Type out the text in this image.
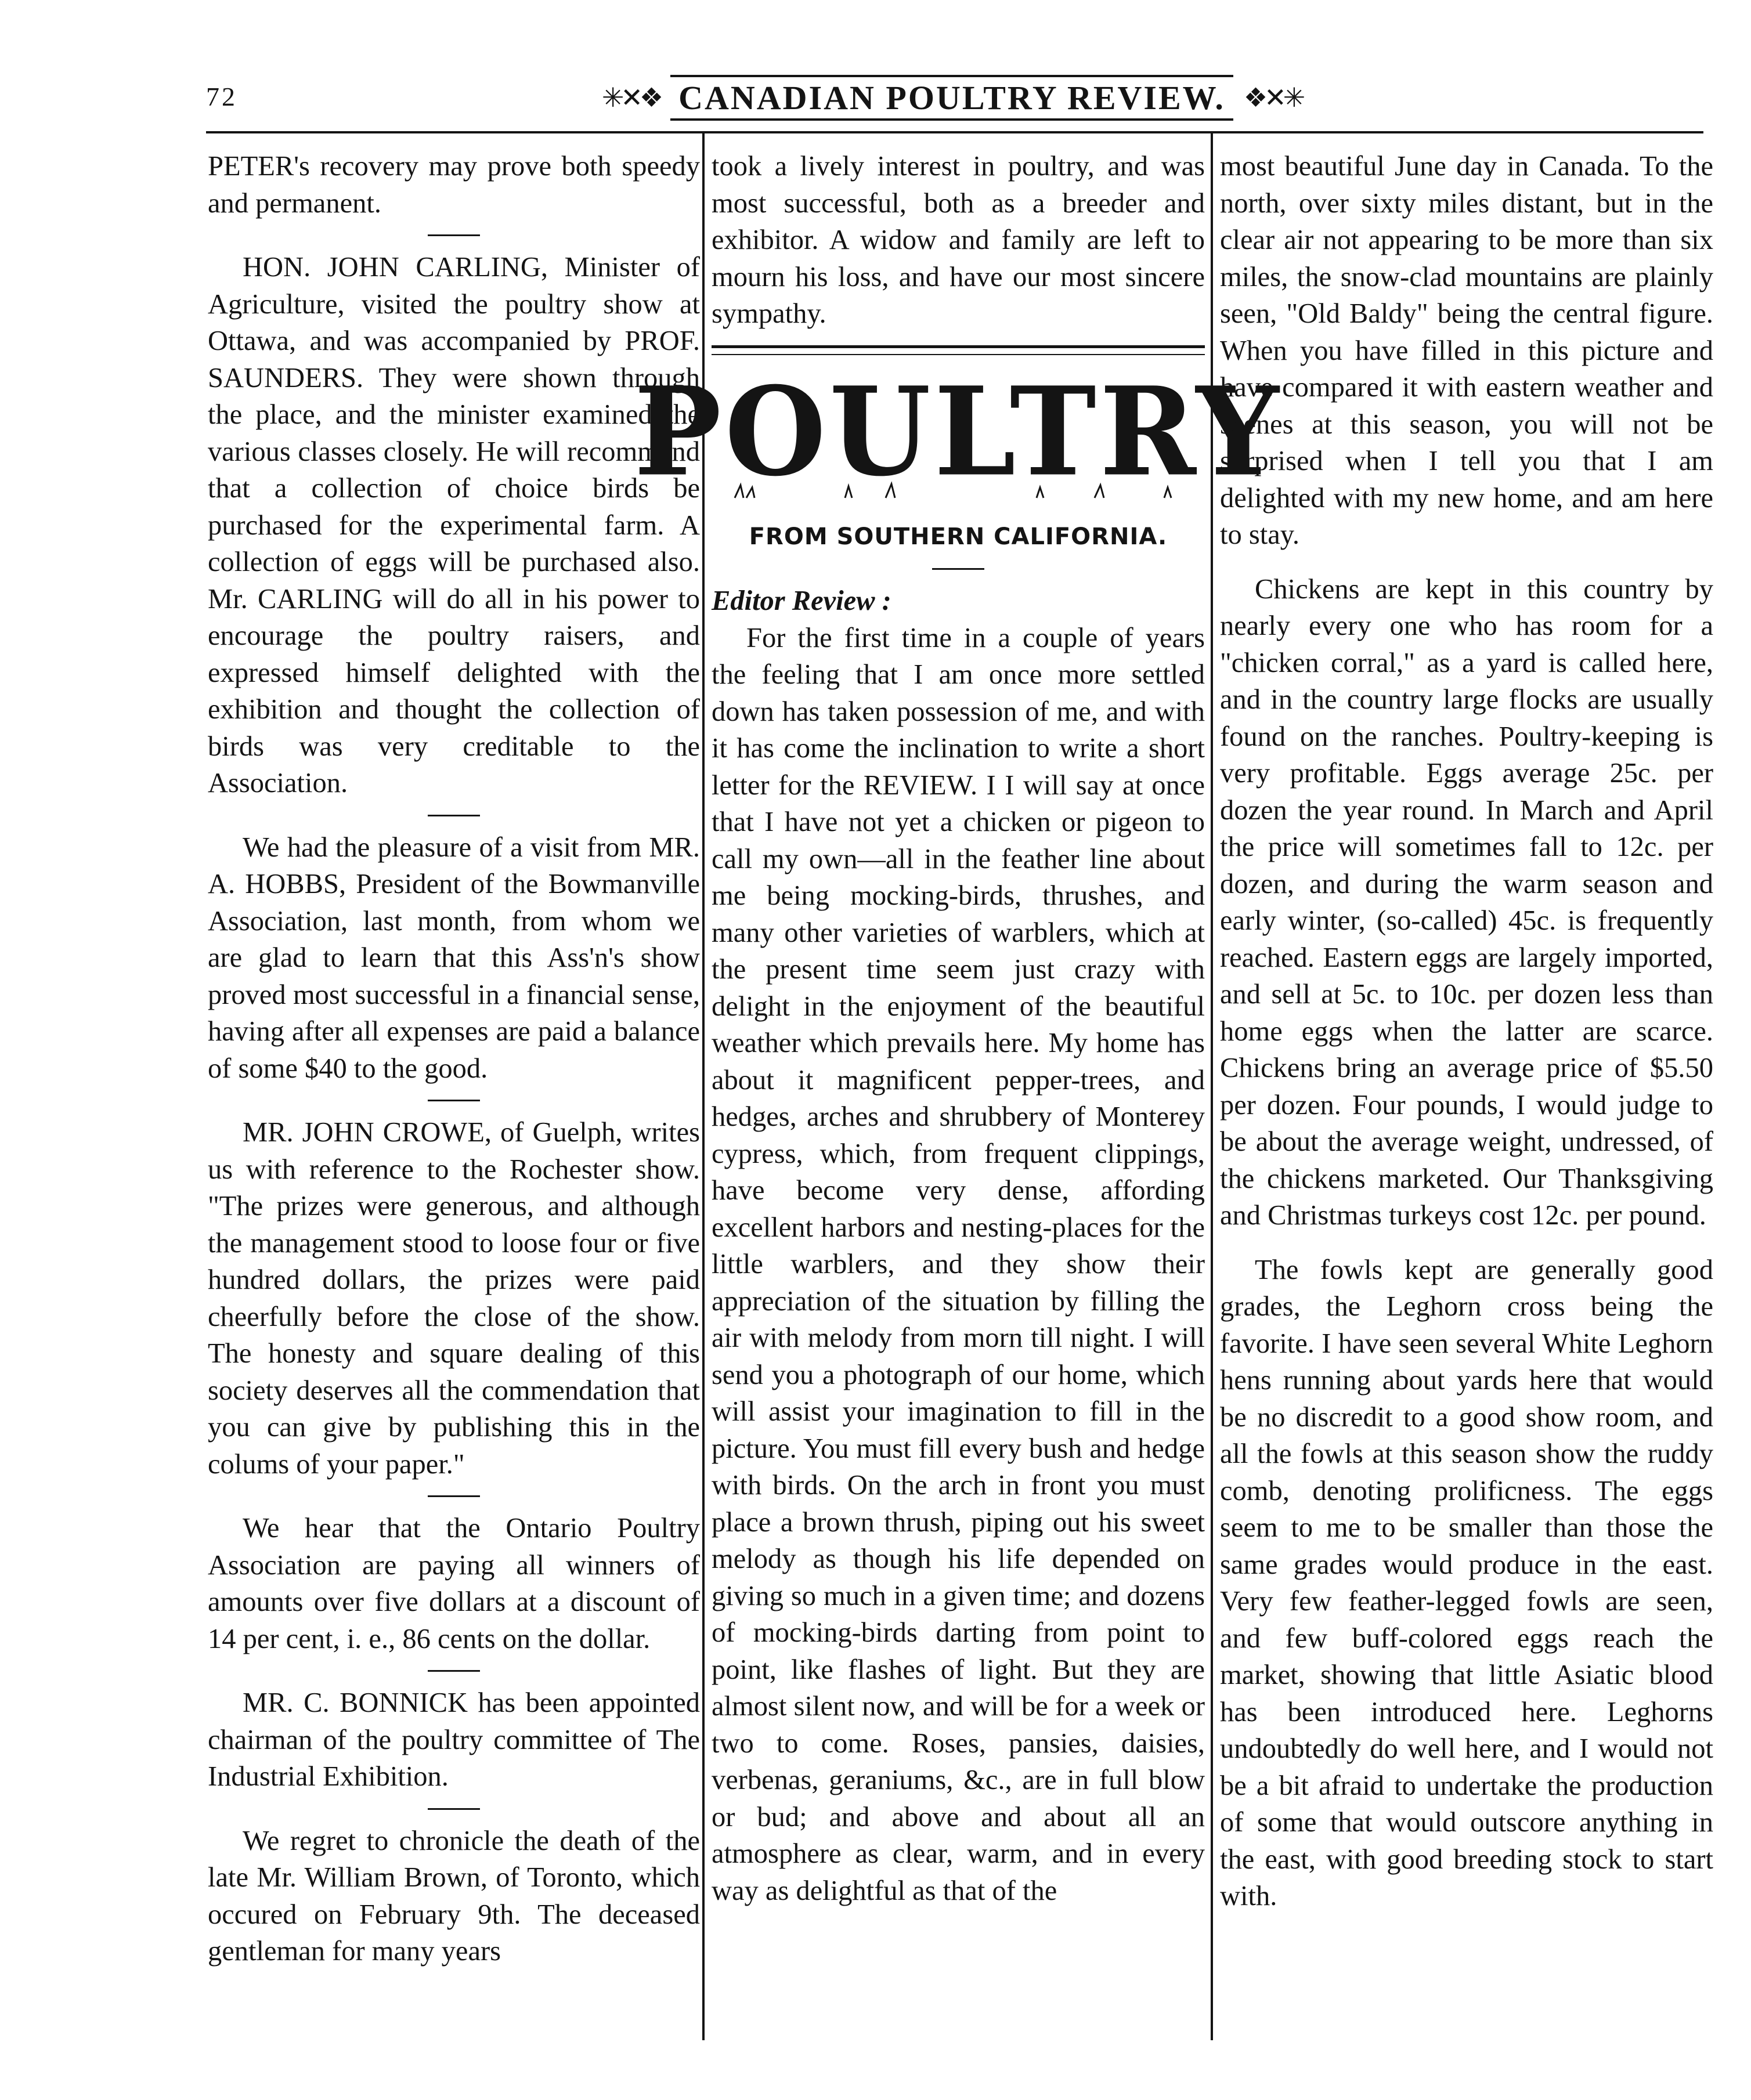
72	✳✕❖ CANADIAN POULTRY REVIEW. ❖✕✳

PETER's recovery may prove both speedy and permanent.

HON. JOHN CARLING, Minister of Agriculture, visited the poultry show at Ottawa, and was accompanied by PROF. SAUNDERS. They were shown through the place, and the minister examined the various classes closely. He will recommend that a collection of choice birds be purchased for the experimental farm. A collection of eggs will be purchased also. Mr. CARLING will do all in his power to encourage the poultry raisers, and expressed himself delighted with the exhibition and thought the collection of birds was very creditable to the Association.

We had the pleasure of a visit from MR. A. HOBBS, President of the Bowmanville Association, last month, from whom we are glad to learn that this Ass'n's show proved most successful in a financial sense, having after all expenses are paid a balance of some $40 to the good.

MR. JOHN CROWE, of Guelph, writes us with reference to the Rochester show. "The prizes were generous, and although the management stood to loose four or five hundred dollars, the prizes were paid cheerfully before the close of the show. The honesty and square dealing of this society deserves all the commendation that you can give by publishing this in the colums of your paper."

We hear that the Ontario Poultry Association are paying all winners of amounts over five dollars at a discount of 14 per cent, i. e., 86 cents on the dollar.

MR. C. BONNICK has been appointed chairman of the poultry committee of The Industrial Exhibition.

We regret to chronicle the death of the late Mr. William Brown, of Toronto, which occured on February 9th. The deceased gentleman for many years

took a lively interest in poultry, and was most successful, both as a breeder and exhibitor. A widow and family are left to mourn his loss, and have our most sincere sympathy.

POULTRY
FROM SOUTHERN CALIFORNIA.

Editor Review :

For the first time in a couple of years the feeling that I am once more settled down has taken possession of me, and with it has come the inclination to write a short letter for the REVIEW. I I will say at once that I have not yet a chicken or pigeon to call my own—all in the feather line about me being mocking-birds, thrushes, and many other varieties of warblers, which at the present time seem just crazy with delight in the enjoyment of the beautiful weather which prevails here. My home has about it magnificent pepper-trees, and hedges, arches and shrubbery of Monterey cypress, which, from frequent clippings, have become very dense, affording excellent harbors and nesting-places for the little warblers, and they show their appreciation of the situation by filling the air with melody from morn till night. I will send you a photograph of our home, which will assist your imagination to fill in the picture. You must fill every bush and hedge with birds. On the arch in front you must place a brown thrush, piping out his sweet melody as though his life depended on giving so much in a given time; and dozens of mocking-birds darting from point to point, like flashes of light. But they are almost silent now, and will be for a week or two to come. Roses, pansies, daisies, verbenas, geraniums, &c., are in full blow or bud; and above and about all an atmosphere as clear, warm, and in every way as delightful as that of the

most beautiful June day in Canada. To the north, over sixty miles distant, but in the clear air not appearing to be more than six miles, the snow-clad mountains are plainly seen, "Old Baldy" being the central figure. When you have filled in this picture and have compared it with eastern weather and scenes at this season, you will not be surprised when I tell you that I am delighted with my new home, and am here to stay.

Chickens are kept in this country by nearly every one who has room for a "chicken corral," as a yard is called here, and in the country large flocks are usually found on the ranches. Poultry-keeping is very profitable. Eggs average 25c. per dozen the year round. In March and April the price will sometimes fall to 12c. per dozen, and during the warm season and early winter, (so-called) 45c. is frequently reached. Eastern eggs are largely imported, and sell at 5c. to 10c. per dozen less than home eggs when the latter are scarce. Chickens bring an average price of $5.50 per dozen. Four pounds, I would judge to be about the average weight, undressed, of the chickens marketed. Our Thanksgiving and Christmas turkeys cost 12c. per pound.

The fowls kept are generally good grades, the Leghorn cross being the favorite. I have seen several White Leghorn hens running about yards here that would be no discredit to a good show room, and all the fowls at this season show the ruddy comb, denoting prolificness. The eggs seem to me to be smaller than those the same grades would produce in the east. Very few feather-legged fowls are seen, and few buff-colored eggs reach the market, showing that little Asiatic blood has been introduced here. Leghorns undoubtedly do well here, and I would not be a bit afraid to undertake the production of some that would outscore anything in the east, with good breeding stock to start with.
